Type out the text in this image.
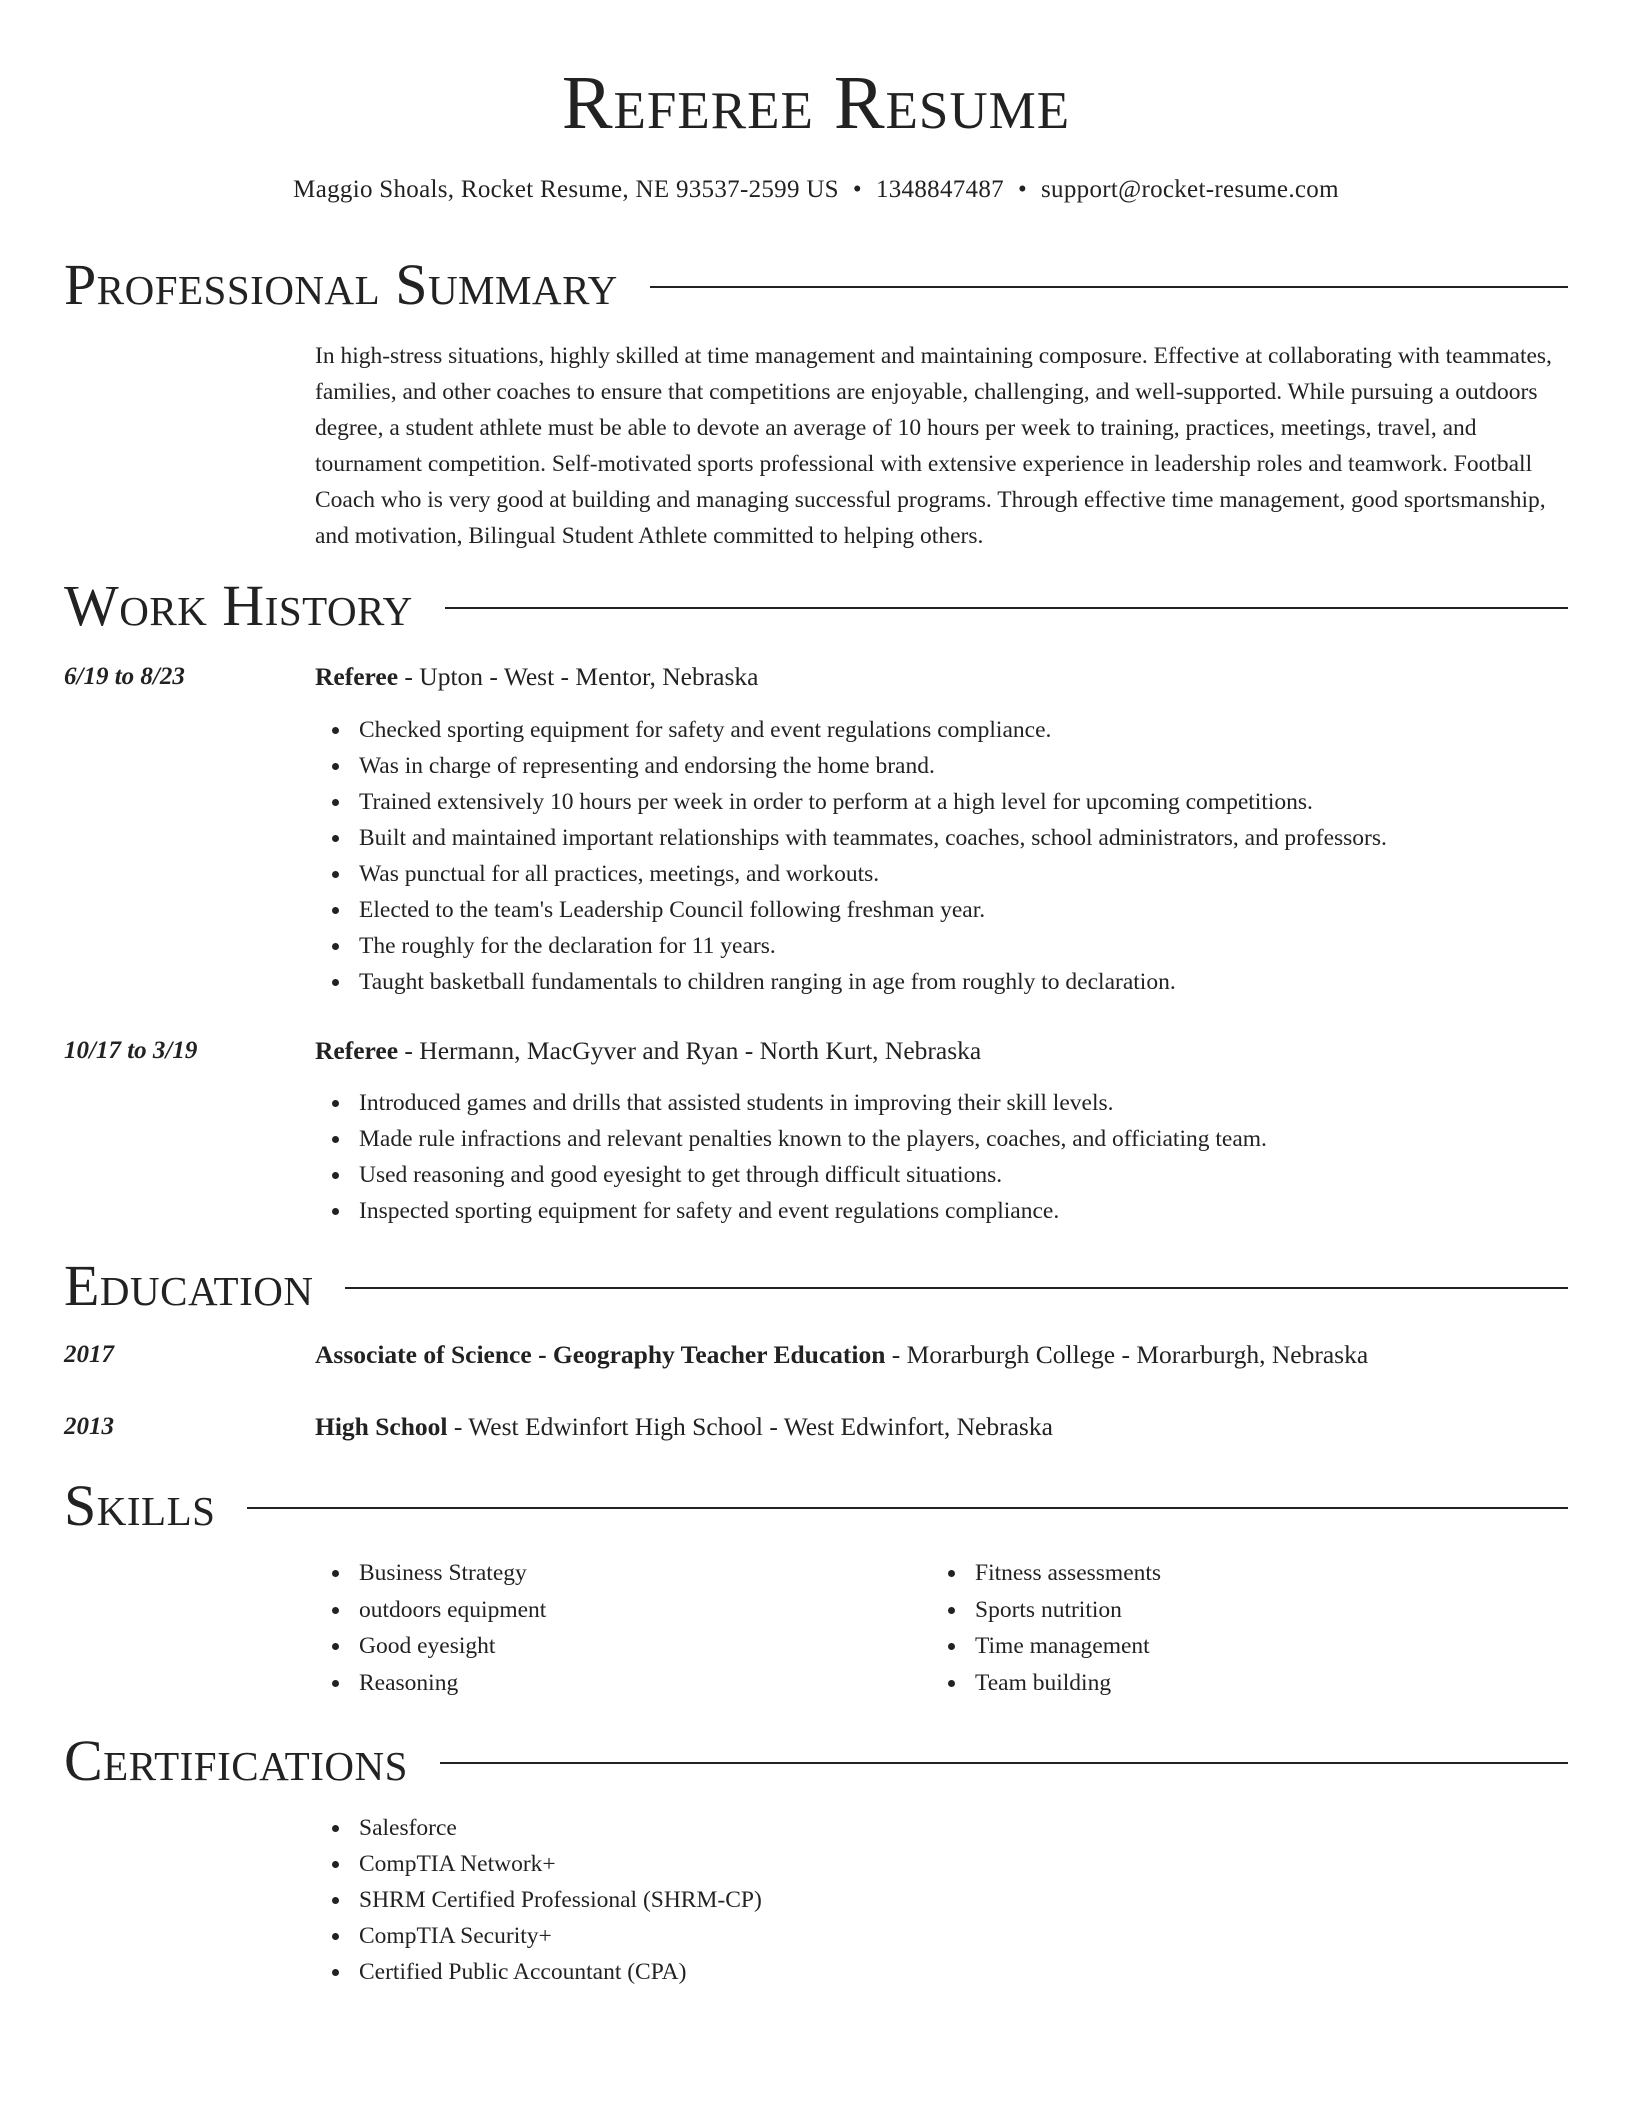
Referee Resume
Maggio Shoals, Rocket Resume, NE 93537-2599 US • 1348847487 • support@rocket-resume.com
Professional Summary

In high-stress situations, highly skilled at time management and maintaining composure. Effective at collaborating with teammates, families, and other coaches to ensure that competitions are enjoyable, challenging, and well-supported. While pursuing a outdoors degree, a student athlete must be able to devote an average of 10 hours per week to training, practices, meetings, travel, and tournament competition. Self-motivated sports professional with extensive experience in leadership roles and teamwork. Football Coach who is very good at building and managing successful programs. Through effective time management, good sportsmanship, and motivation, Bilingual Student Athlete committed to helping others.

Work History
6/19 to 8/23	Referee - Upton - West - Mentor, Nebraska
Checked sporting equipment for safety and event regulations compliance.
Was in charge of representing and endorsing the home brand.
Trained extensively 10 hours per week in order to perform at a high level for upcoming competitions.
Built and maintained important relationships with teammates, coaches, school administrators, and professors.
Was punctual for all practices, meetings, and workouts.
Elected to the team's Leadership Council following freshman year.
The roughly for the declaration for 11 years.
Taught basketball fundamentals to children ranging in age from roughly to declaration.
10/17 to 3/19	Referee - Hermann, MacGyver and Ryan - North Kurt, Nebraska
Introduced games and drills that assisted students in improving their skill levels.
Made rule infractions and relevant penalties known to the players, coaches, and officiating team.
Used reasoning and good eyesight to get through difficult situations.
Inspected sporting equipment for safety and event regulations compliance.
Education
2017	Associate of Science - Geography Teacher Education - Morarburgh College - Morarburgh, Nebraska
2013	High School - West Edwinfort High School - West Edwinfort, Nebraska
Skills
Business Strategy
outdoors equipment
Good eyesight
Reasoning
Fitness assessments
Sports nutrition
Time management
Team building
Certifications
Salesforce
CompTIA Network+
SHRM Certified Professional (SHRM-CP)
CompTIA Security+
Certified Public Accountant (CPA)
